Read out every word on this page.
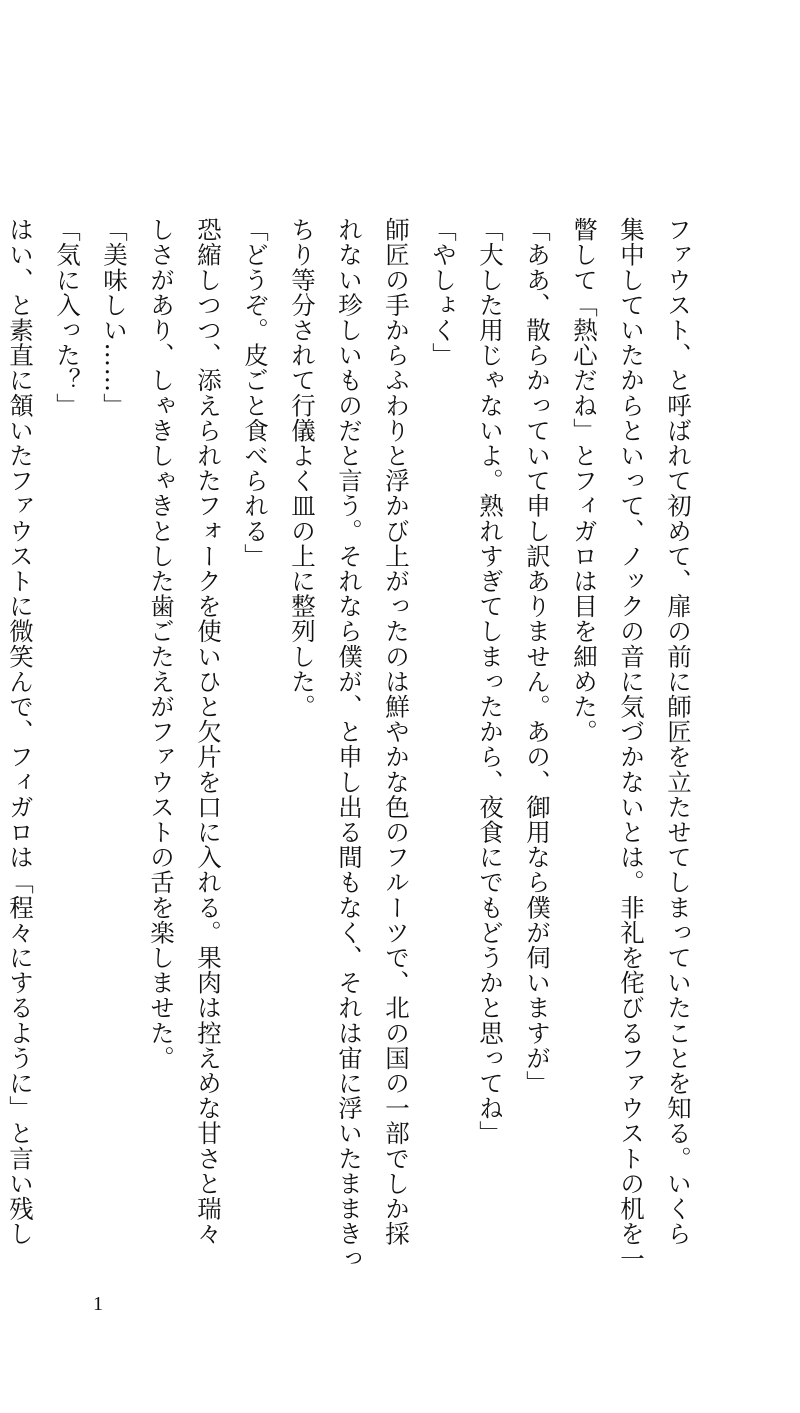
ファウスト、と呼ばれて初めて、扉の前に師匠を立たせてしまっていたことを知る。いくら
集中していたからといって、ノックの音に気づかないとは。非礼を侘びるファウストの机を一
瞥して「熱心だね」とフィガロは目を細めた。
「ああ、散らかっていて申し訳ありません。あの、御用なら僕が伺いますが」
「大した用じゃないよ。熟れすぎてしまったから、夜食にでもどうかと思ってね」
「やしょく」
師匠の手からふわりと浮かび上がったのは鮮やかな色のフルーツで、北の国の一部でしか採
れない珍しいものだと言う。それなら僕が、と申し出る間もなく、それは宙に浮いたままきっ
ちり等分されて行儀よく皿の上に整列した。
「どうぞ。皮ごと食べられる」
恐縮しつつ、添えられたフォークを使いひと欠片を口に入れる。果肉は控えめな甘さと瑞々
しさがあり、しゃきしゃきとした歯ごたえがファウストの舌を楽しませた。
「美味しい……」
「気に入った？」
はい、と素直に頷いたファウストに微笑んで、フィガロは「程々にするように」と言い残し
1
